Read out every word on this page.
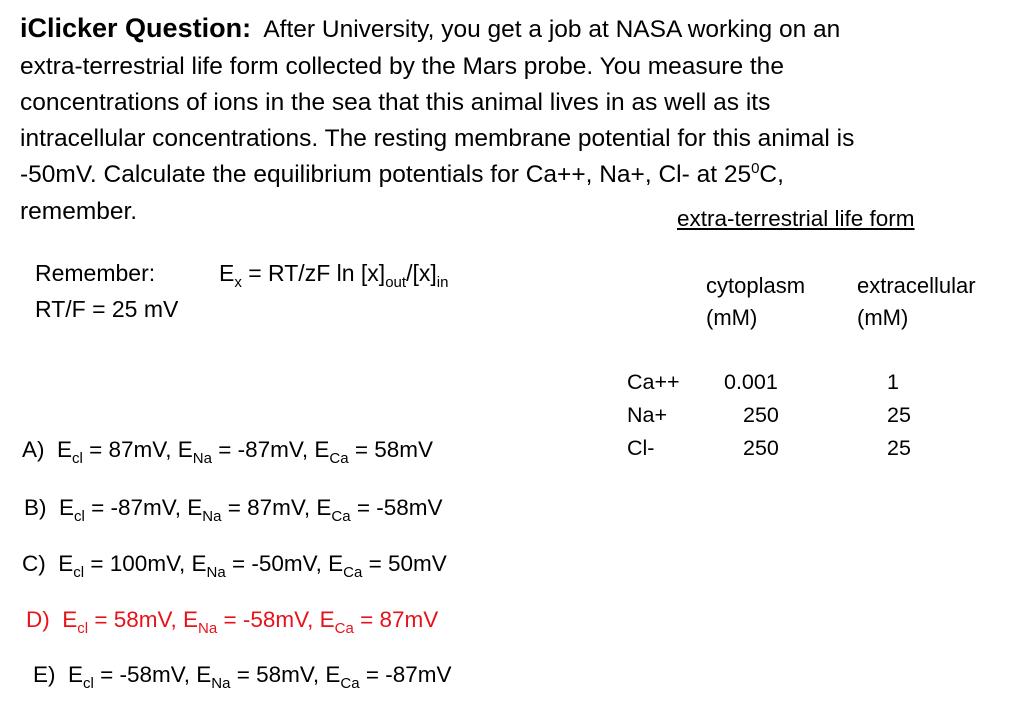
iClicker Question: After University, you get a job at NASA working on an
extra-terrestrial life form collected by the Mars probe. You measure the
concentrations of ions in the sea that this animal lives in as well as its
intracellular concentrations. The resting membrane potential for this animal is
-50mV. Calculate the equilibrium potentials for Ca++, Na+, Cl- at $25^0C$,
remember.
Remember:	$E_x = RT/zF$ $\ln [x]_{out}/[x]_{in}$
RT/F = 25 mV
extra-terrestrial life form
cytoplasm
(mM)
extracellular
(mM)
Ca++ 0.001	1
Na+	250	25
Cl-	250	25
A) $E_{cl} = 87mV$, $E_{Na} = -87mV$, $E_{Ca} = 58mV$
B) $E_{cl} = -87mV$, $E_{Na} = 87mV$, $E_{Ca} = -58mV$
C) $E_{cl} = 100mV$, $E_{Na} = -50mV$, $E_{Ca} = 50mV$
D) $E_{cl} = 58mV$, $E_{Na} = -58mV$, $E_{Ca} = 87mV$
E) $E_{cl} = -58mV$, $E_{Na} = 58mV$, $E_{Ca} = -87mV$
